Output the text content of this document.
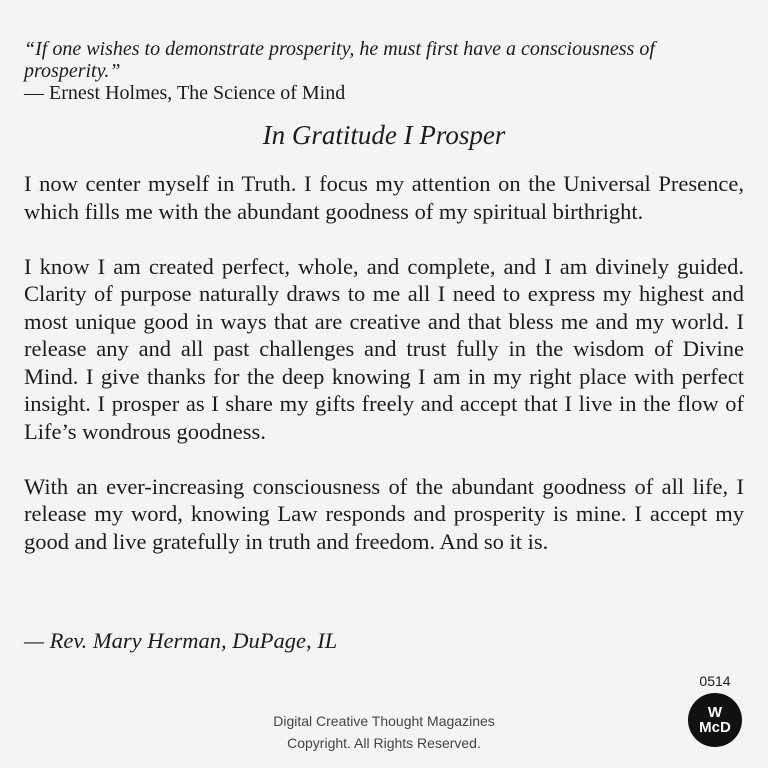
“If one wishes to demonstrate prosperity, he must first have a consciousness of prosperity.”
— Ernest Holmes, The Science of Mind
In Gratitude I Prosper

I now center myself in Truth. I focus my attention on the Universal Presence, which fills me with the abundant goodness of my spiritual birthright.

I know I am created perfect, whole, and complete, and I am divinely guided. Clarity of purpose naturally draws to me all I need to express my highest and most unique good in ways that are creative and that bless me and my world. I release any and all past challenges and trust fully in the wisdom of Divine Mind. I give thanks for the deep knowing I am in my right place with perfect insight. I prosper as I share my gifts freely and accept that I live in the flow of Life’s wondrous goodness.

With an ever-increasing consciousness of the abundant goodness of all life, I release my word, knowing Law responds and prosperity is mine. I accept my good and live gratefully in truth and freedom. And so it is.

— Rev. Mary Herman, DuPage, IL
0514
Digital Creative Thought Magazines
Copyright. All Rights Reserved.
W
McD
